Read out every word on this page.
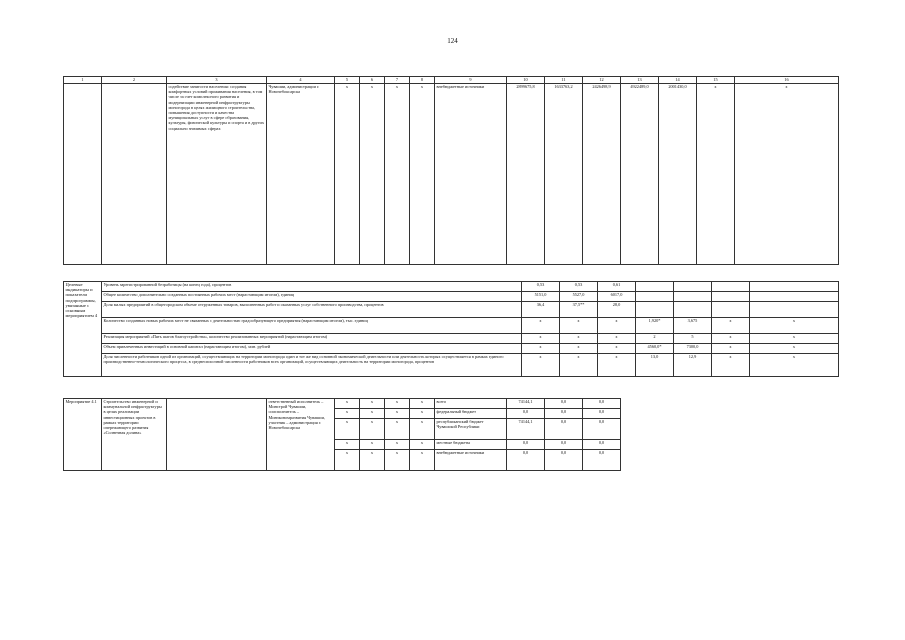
124
1	2	3	4	5	6	7	8	9	10	11	12	13	14	15	16
		содействие занятости населения: создания комфортных условий проживания населения, в том числе за счет комплексного развития и модернизации инженерной инфраструктуры моногорода в целях жилищного строительства, повышения доступности и качества муниципальных услуг в сфере образования, культуры, физической культуры и спорта и в других социально значимых сферах	Чувашии, администрации г. Новочебоксарска	x	x	x	x	внебюджетные источники	2899675,8	1633763,2	2426498,9	4922489,0	2001430,0	x	x
Целевые индикаторы и показатели подпрограммы, увязанные с основным мероприятием 4	Уровень зарегистрированной безработицы (на конец года), процентов	0,53	0,53	0,61				
	Общее количество дополнительно созданных постоянных рабочих мест (нарастающим итогом), единиц	5151,0	5527,0	6017,0				
	Доля малых предприятий в общегородском объеме отгруженных товаров, выполненных работ и оказанных услуг собственного производства, процентов	36,4	37,5**	28,0				
	Количество созданных новых рабочих мест не связанных с деятельностью градообразующего предприятия (нарастающим итогом), тыс. единиц	x	x	x	1,920*	3,675	x	x
	Реализация мероприятий «Пять шагов благоустройства», количество реализованных мероприятий (нарастающим итогом)	x	x	x	2	5	x	x
	Объем привлеченных инвестиций в основной капитал (нарастающим итогом), млн. рублей	x	x	x	4560,0*	7300,0	x	x
	Доля численности работников одной из организаций, осуществляющих на территории моногорода один и тот же вид основной экономической деятельности или деятельность которых осуществляется в рамках единого производственно-технологического процесса, в среднесписочной численности работников всех организаций, осуществляющих деятельность на территории моногорода, процентов	x	x	x	13,0	12,9	x	x
Мероприятие 4.1	Строительство инженерной и коммунальной инфраструктуры в целях реализации инвестиционных проектов в рамках территории опережающего развития «Солнечная долина»		ответственный исполнитель – Минстрой Чувашии, соисполнитель – Минэкономразвития Чувашии, участник – администрация г. Новочебоксарска	x	x	x	x	всего	74144,1	0,0	0,0				
				x	x	x	x	федеральный бюджет	0,0	0,0	0,0				
				x	x	x	x	республиканский бюджет Чувашской Республики	74144,1	0,0	0,0				
				x	x	x	x	местные бюджеты	0,0	0,0	0,0				
				x	x	x	x	внебюджетные источники	0,0	0,0	0,0				
